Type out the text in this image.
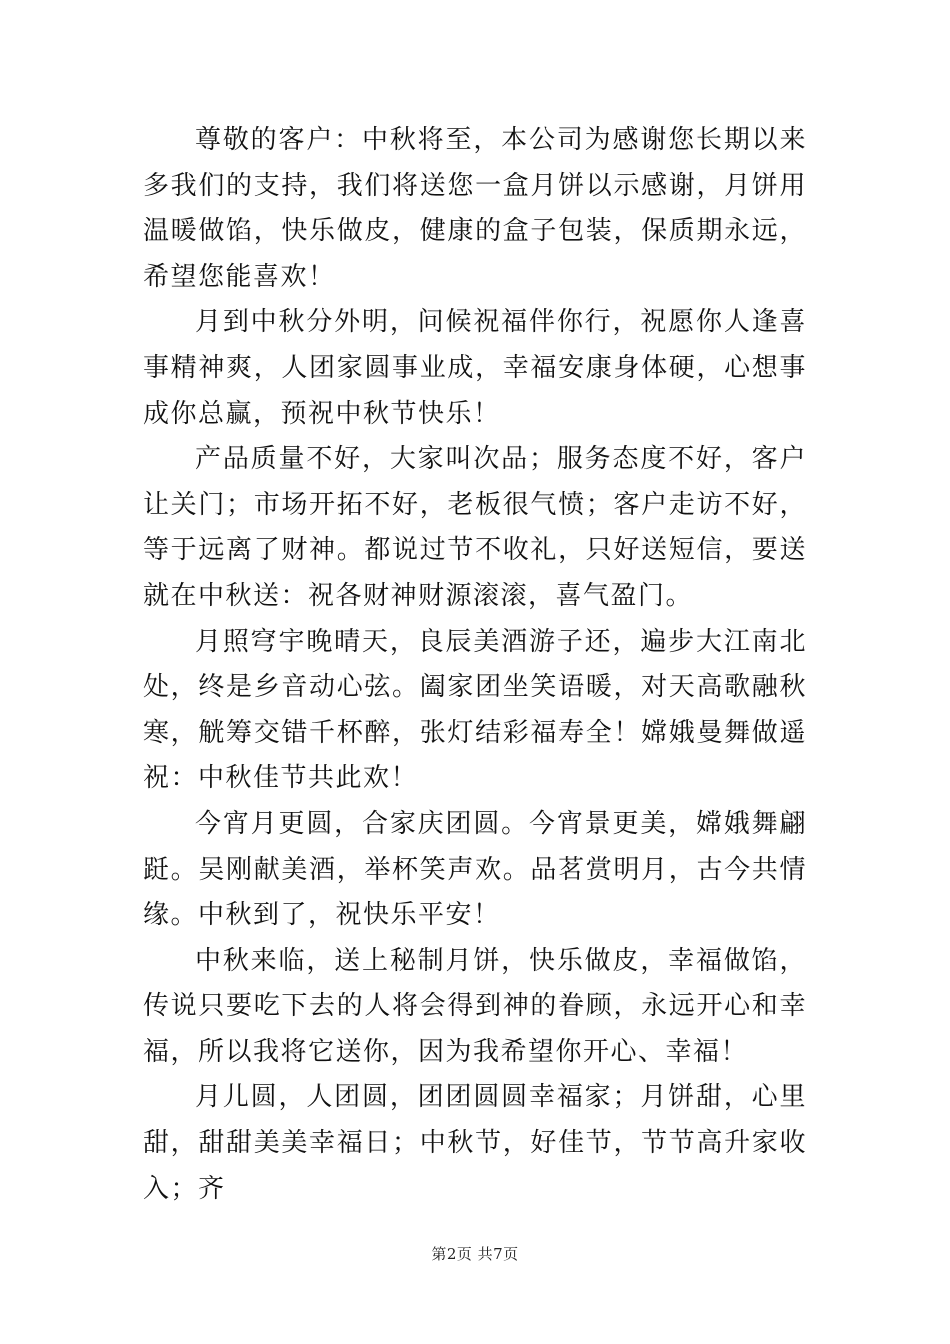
尊敬的客户：中秋将至，本公司为感谢您长期以来多我们的支持，我们将送您一盒月饼以示感谢，月饼用温暖做馅，快乐做皮，健康的盒子包装，保质期永远，希望您能喜欢！

月到中秋分外明，问候祝福伴你行，祝愿你人逢喜事精神爽，人团家圆事业成，幸福安康身体硬，心想事成你总赢，预祝中秋节快乐！

产品质量不好，大家叫次品；服务态度不好，客户让关门；市场开拓不好，老板很气愤；客户走访不好，等于远离了财神。都说过节不收礼，只好送短信，要送就在中秋送：祝各财神财源滚滚，喜气盈门。

月照穹宇晚晴天，良辰美酒游子还，遍步大江南北处，终是乡音动心弦。阖家团坐笑语暖，对天高歌融秋寒，觥筹交错千杯醉，张灯结彩福寿全！嫦娥曼舞做遥祝：中秋佳节共此欢！

今宵月更圆，合家庆团圆。今宵景更美，嫦娥舞翩跹。吴刚献美酒，举杯笑声欢。品茗赏明月，古今共情缘。中秋到了，祝快乐平安！

中秋来临，送上秘制月饼，快乐做皮，幸福做馅，传说只要吃下去的人将会得到神的眷顾，永远开心和幸福，所以我将它送你，因为我希望你开心、幸福！

月儿圆，人团圆，团团圆圆幸福家；月饼甜，心里甜，甜甜美美幸福日；中秋节，好佳节，节节高升家收入；齐

第2页 共7页
